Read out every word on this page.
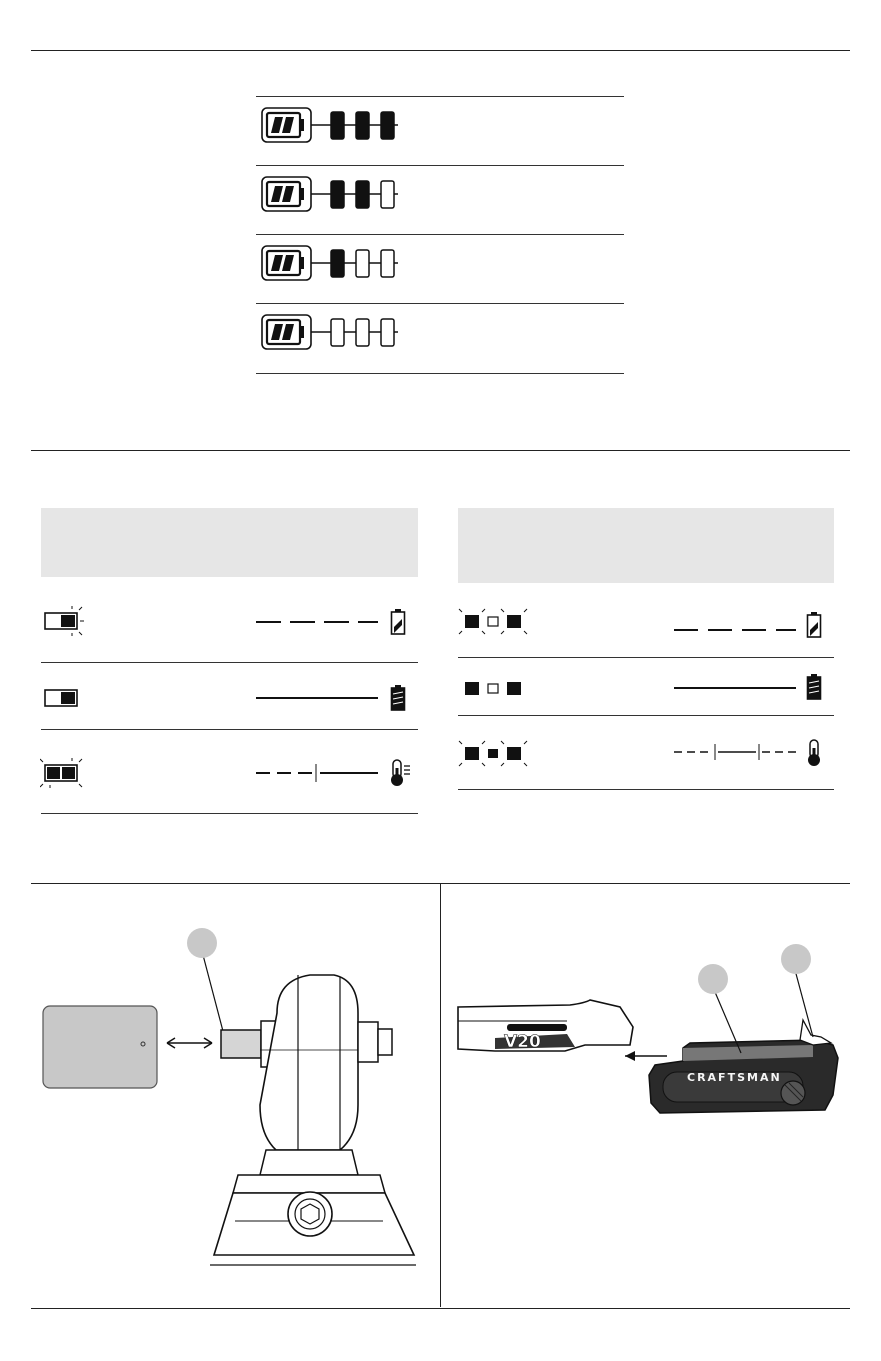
V20
CRAFTSMAN
